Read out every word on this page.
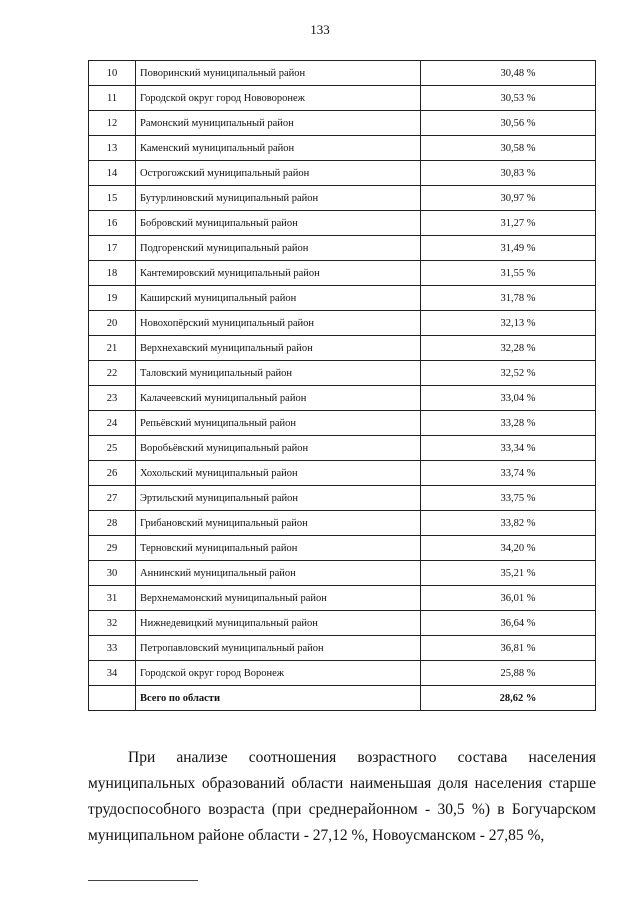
133
10	Поворинский муниципальный район	30,48 %
11	Городской округ город Нововоронеж	30,53 %
12	Рамонский муниципальный район	30,56 %
13	Каменский муниципальный район	30,58 %
14	Острогожский муниципальный район	30,83 %
15	Бутурлиновский муниципальный район	30,97 %
16	Бобровский муниципальный район	31,27 %
17	Подгоренский муниципальный район	31,49 %
18	Кантемировский муниципальный район	31,55 %
19	Каширский муниципальный район	31,78 %
20	Новохопёрский муниципальный район	32,13 %
21	Верхнехавский муниципальный район	32,28 %
22	Таловский муниципальный район	32,52 %
23	Калачеевский муниципальный район	33,04 %
24	Репьёвский муниципальный район	33,28 %
25	Воробьёвский муниципальный район	33,34 %
26	Хохольский муниципальный район	33,74 %
27	Эртильский муниципальный район	33,75 %
28	Грибановский муниципальный район	33,82 %
29	Терновский муниципальный район	34,20 %
30	Аннинский муниципальный район	35,21 %
31	Верхнемамонский муниципальный район	36,01 %
32	Нижнедевицкий муниципальный район	36,64 %
33	Петропавловский муниципальный район	36,81 %
34	Городской округ город Воронеж	25,88 %
	Всего по области	28,62 %

При анализе соотношения возрастного состава населения муниципальных образований области наименьшая доля населения старше трудоспособного возраста (при среднерайонном - 30,5 %) в Богучарском муниципальном районе области - 27,12 %, Новоусманском - 27,85 %,
